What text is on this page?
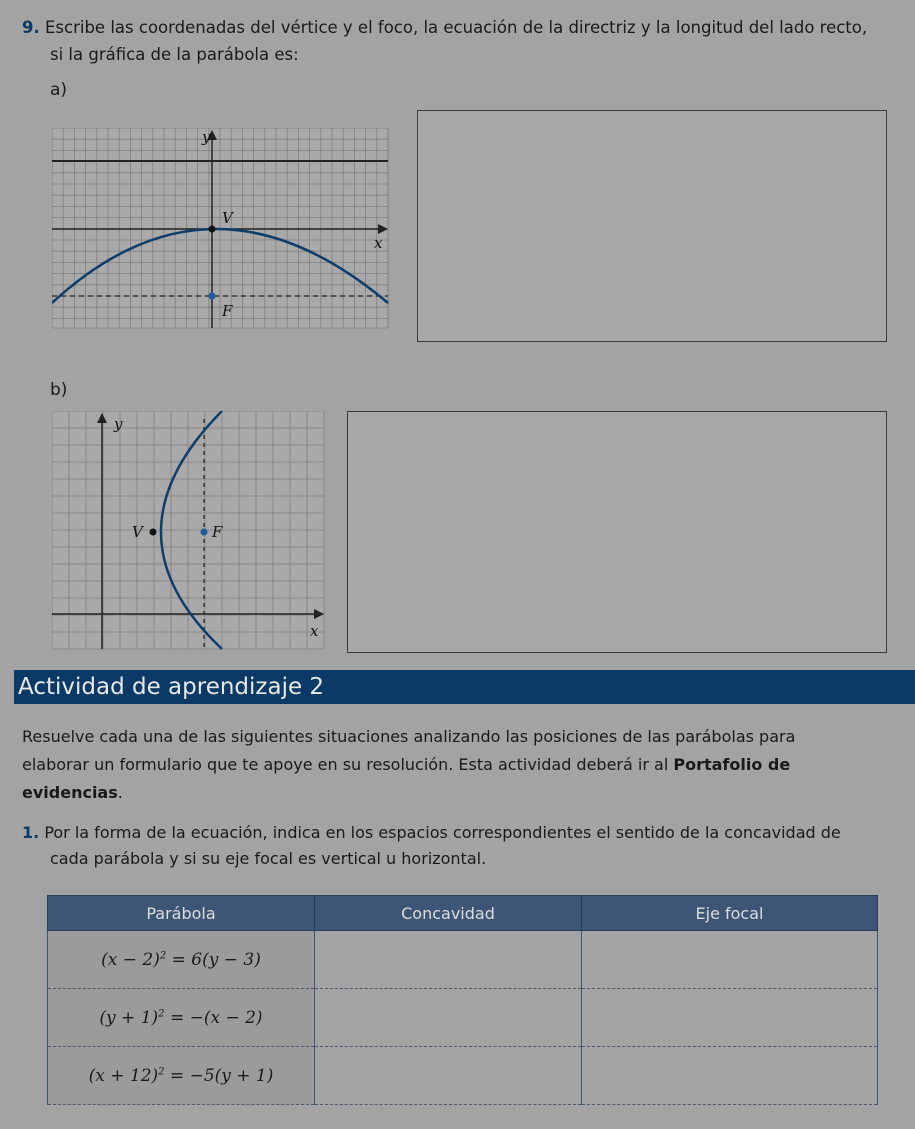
9. Escribe las coordenadas del vértice y el foco, la ecuación de la directriz y la longitud del lado recto,
si la gráfica de la parábola es:
a)
V
F
y
x
b)
V	F
y
x
Actividad de aprendizaje 2
Resuelve cada una de las siguientes situaciones analizando las posiciones de las parábolas para
elaborar un formulario que te apoye en su resolución. Esta actividad deberá ir al Portafolio de
evidencias.
1. Por la forma de la ecuación, indica en los espacios correspondientes el sentido de la concavidad de
cada parábola y si su eje focal es vertical u horizontal.
Parábola	Concavidad	Eje focal
$(x - 2)^2 = 6(y - 3)$		
$(y + 1)^2 = -(x - 2)$		
$(x + 12)^2 = -5(y + 1)$		
